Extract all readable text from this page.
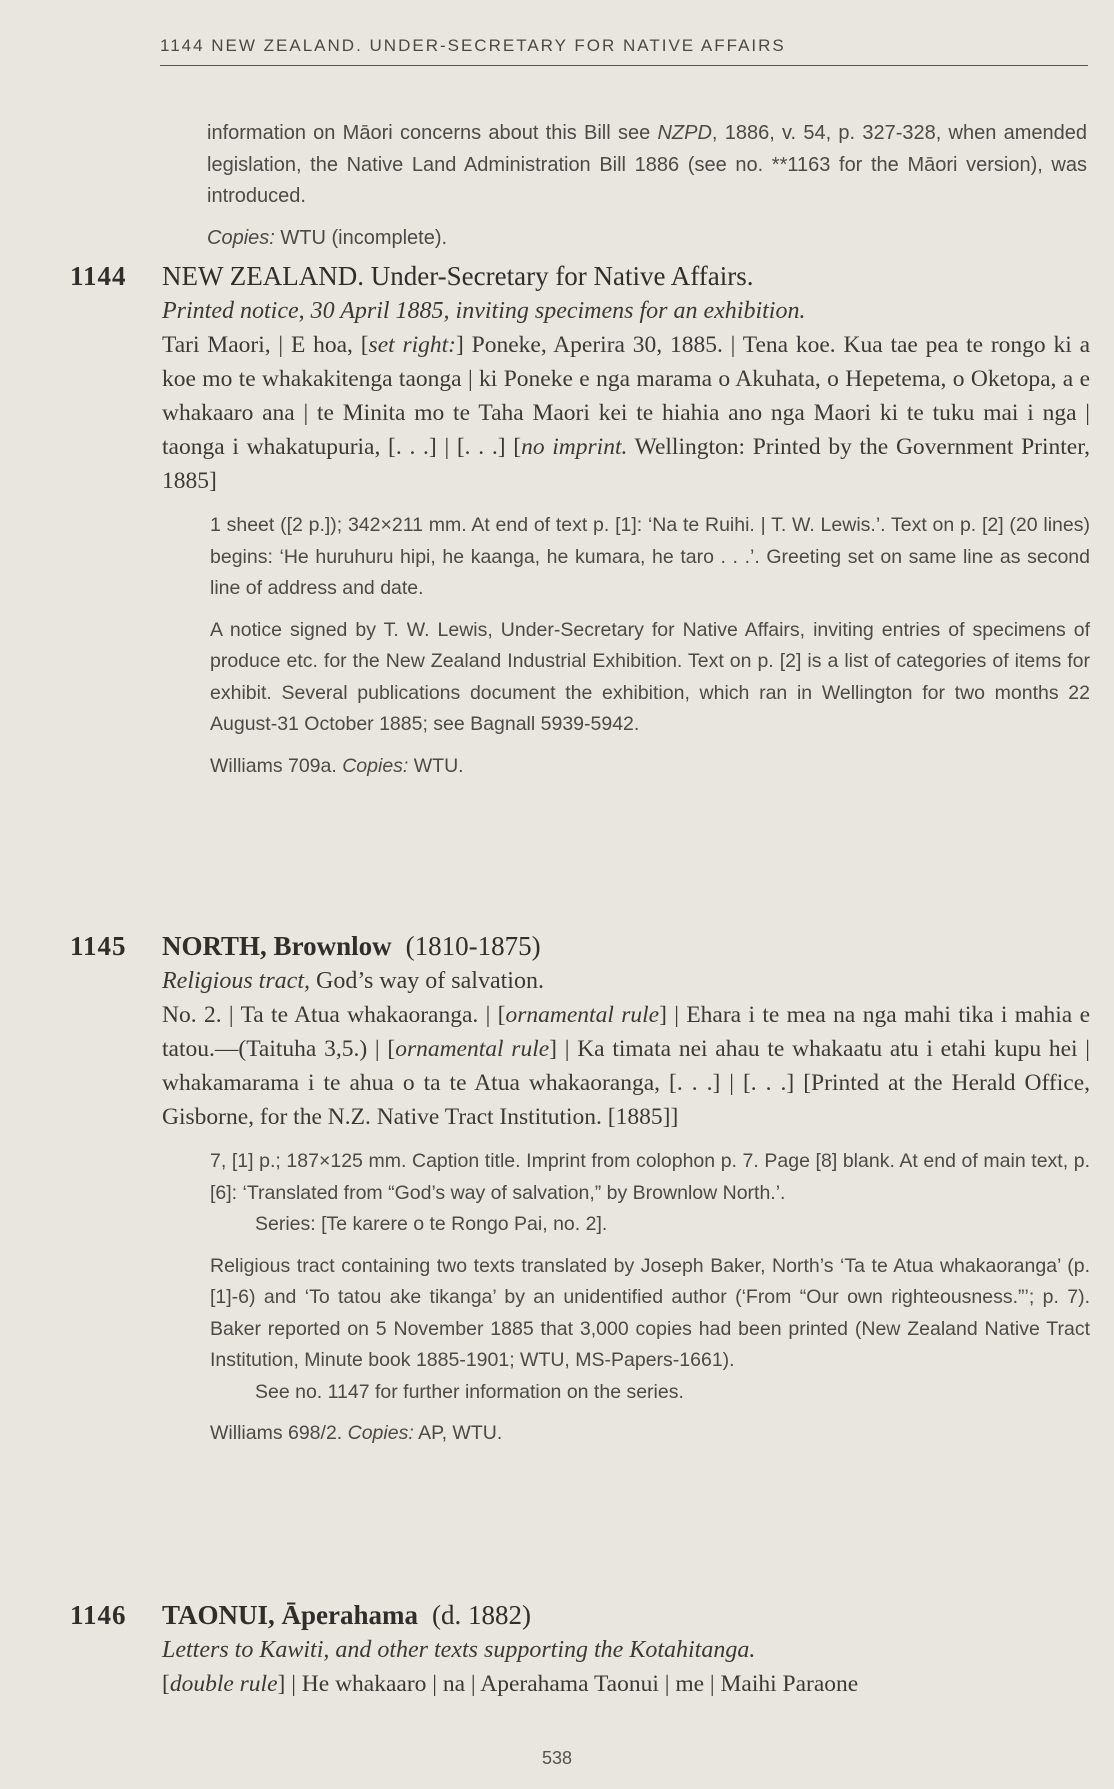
1144 NEW ZEALAND. UNDER-SECRETARY FOR NATIVE AFFAIRS

information on Māori concerns about this Bill see NZPD, 1886, v. 54, p. 327-328, when amended legislation, the Native Land Administration Bill 1886 (see no. **1163 for the Māori version), was introduced.

Copies: WTU (incomplete).

1144	NEW ZEALAND. Under-Secretary for Native Affairs.
Printed notice, 30 April 1885, inviting specimens for an exhibition.
Tari Maori, | E hoa, [set right:] Poneke, Aperira 30, 1885. | Tena koe. Kua tae pea te rongo ki a koe mo te whakakitenga taonga | ki Poneke e nga marama o Akuhata, o Hepetema, o Oketopa, a e whakaaro ana | te Minita mo te Taha Maori kei te hiahia ano nga Maori ki te tuku mai i nga | taonga i whakatupuria, [. . .] | [. . .] [no imprint. Wellington: Printed by the Government Printer, 1885]

1 sheet ([2 p.]); 342×211 mm. At end of text p. [1]: ‘Na te Ruihi. | T. W. Lewis.’. Text on p. [2] (20 lines) begins: ‘He huruhuru hipi, he kaanga, he kumara, he taro . . .’. Greeting set on same line as second line of address and date.

A notice signed by T. W. Lewis, Under-Secretary for Native Affairs, inviting entries of specimens of produce etc. for the New Zealand Industrial Exhibition. Text on p. [2] is a list of categories of items for exhibit. Several publications document the exhibition, which ran in Wellington for two months 22 August-31 October 1885; see Bagnall 5939-5942.

Williams 709a. Copies: WTU.

1145	NORTH, Brownlow (1810-1875)
Religious tract, God’s way of salvation.
No. 2. | Ta te Atua whakaoranga. | [ornamental rule] | Ehara i te mea na nga mahi tika i mahia e tatou.—(Taituha 3,5.) | [ornamental rule] | Ka timata nei ahau te whakaatu atu i etahi kupu hei | whakamarama i te ahua o ta te Atua whakaoranga, [. . .] | [. . .] [Printed at the Herald Office, Gisborne, for the N.Z. Native Tract Institution. [1885]]

7, [1] p.; 187×125 mm. Caption title. Imprint from colophon p. 7. Page [8] blank. At end of main text, p. [6]: ‘Translated from “God’s way of salvation,” by Brownlow North.’.

Series: [Te karere o te Rongo Pai, no. 2].

Religious tract containing two texts translated by Joseph Baker, North’s ‘Ta te Atua whakaoranga’ (p. [1]-6) and ‘To tatou ake tikanga’ by an unidentified author (‘From “Our own righteousness.”’; p. 7). Baker reported on 5 November 1885 that 3,000 copies had been printed (New Zealand Native Tract Institution, Minute book 1885-1901; WTU, MS-Papers-1661).

See no. 1147 for further information on the series.

Williams 698/2. Copies: AP, WTU.

1146	TAONUI, Āperahama (d. 1882)
Letters to Kawiti, and other texts supporting the Kotahitanga.
[double rule] | He whakaaro | na | Aperahama Taonui | me | Maihi Paraone
538
